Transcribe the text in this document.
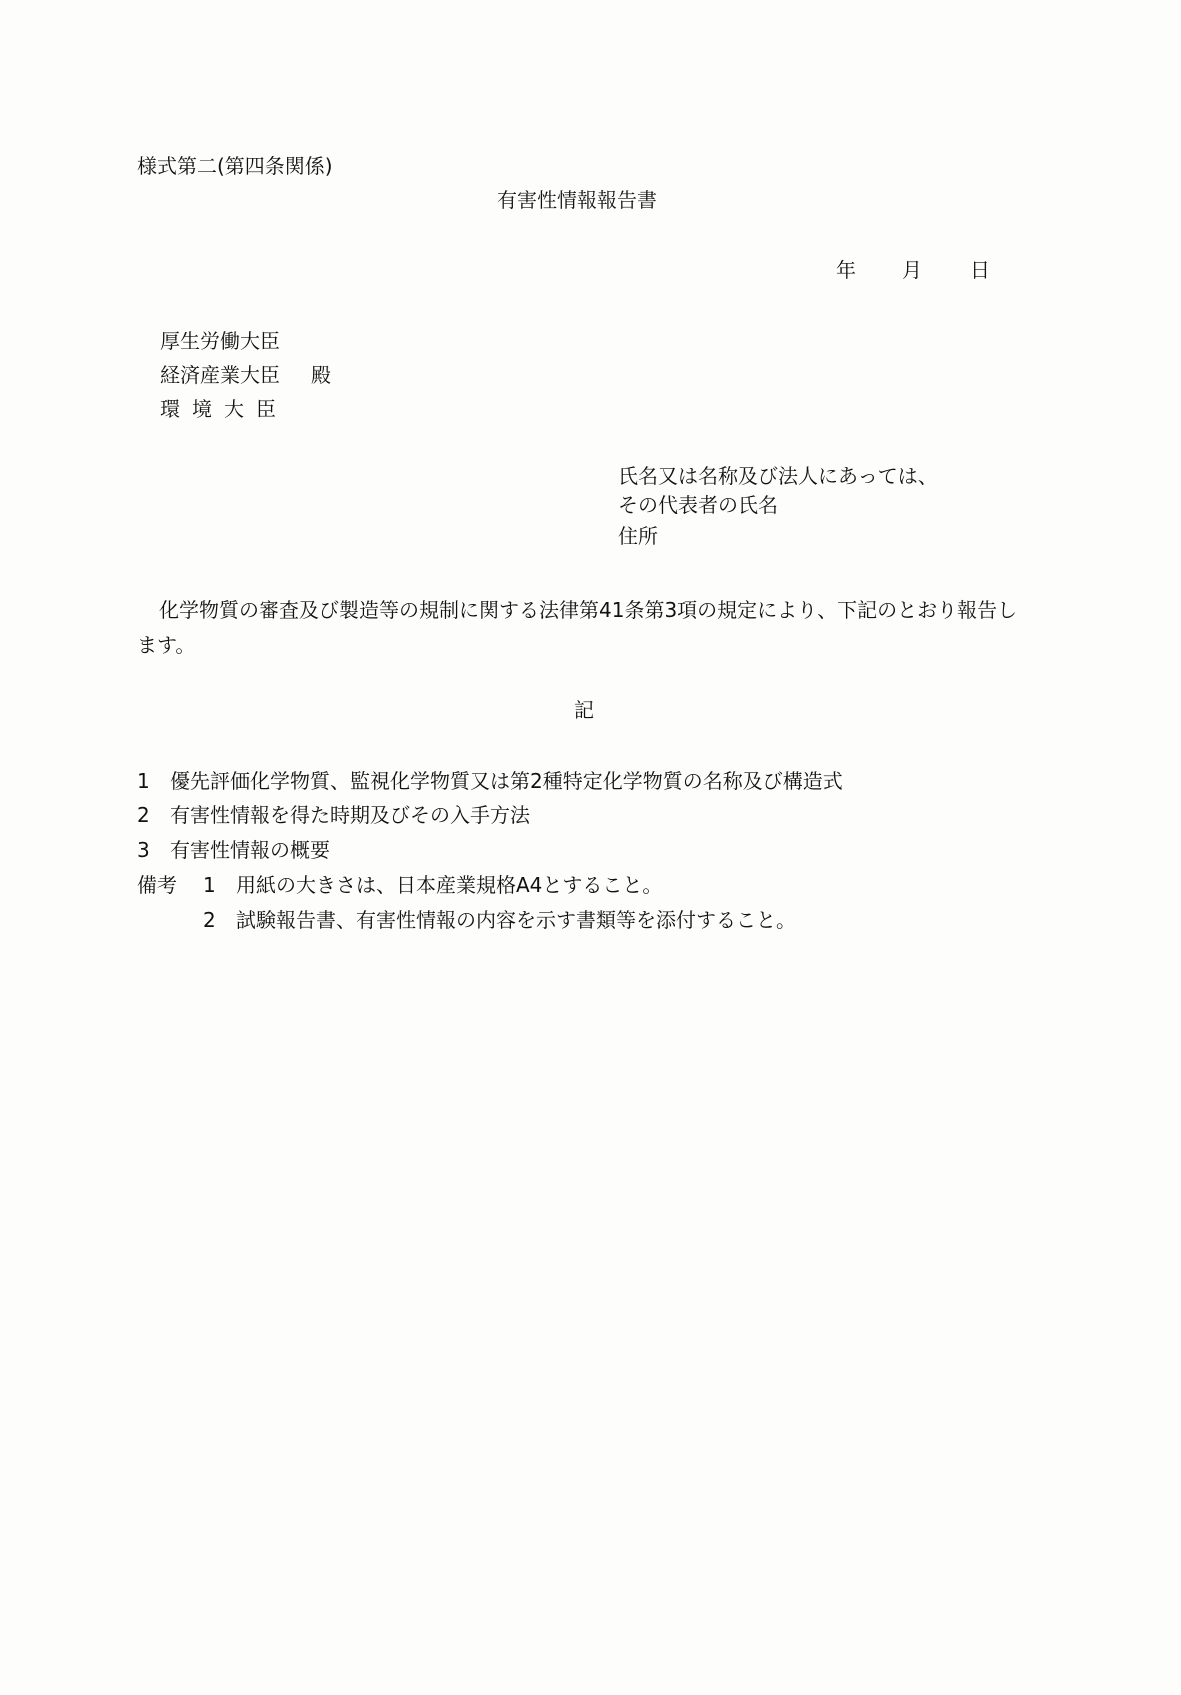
様式第二(第四条関係)
有害性情報報告書
年 月 日
厚生労働大臣
経済産業大臣 殿
環境大臣
氏名又は名称及び法人にあっては、
その代表者の氏名
住所
化学物質の審査及び製造等の規制に関する法律第41条第3項の規定により、下記のとおり報告します。
記
1 優先評価化学物質、監視化学物質又は第2種特定化学物質の名称及び構造式
2 有害性情報を得た時期及びその入手方法
3 有害性情報の概要
備考 1 用紙の大きさは、日本産業規格A4とすること。
2 試験報告書、有害性情報の内容を示す書類等を添付すること。
